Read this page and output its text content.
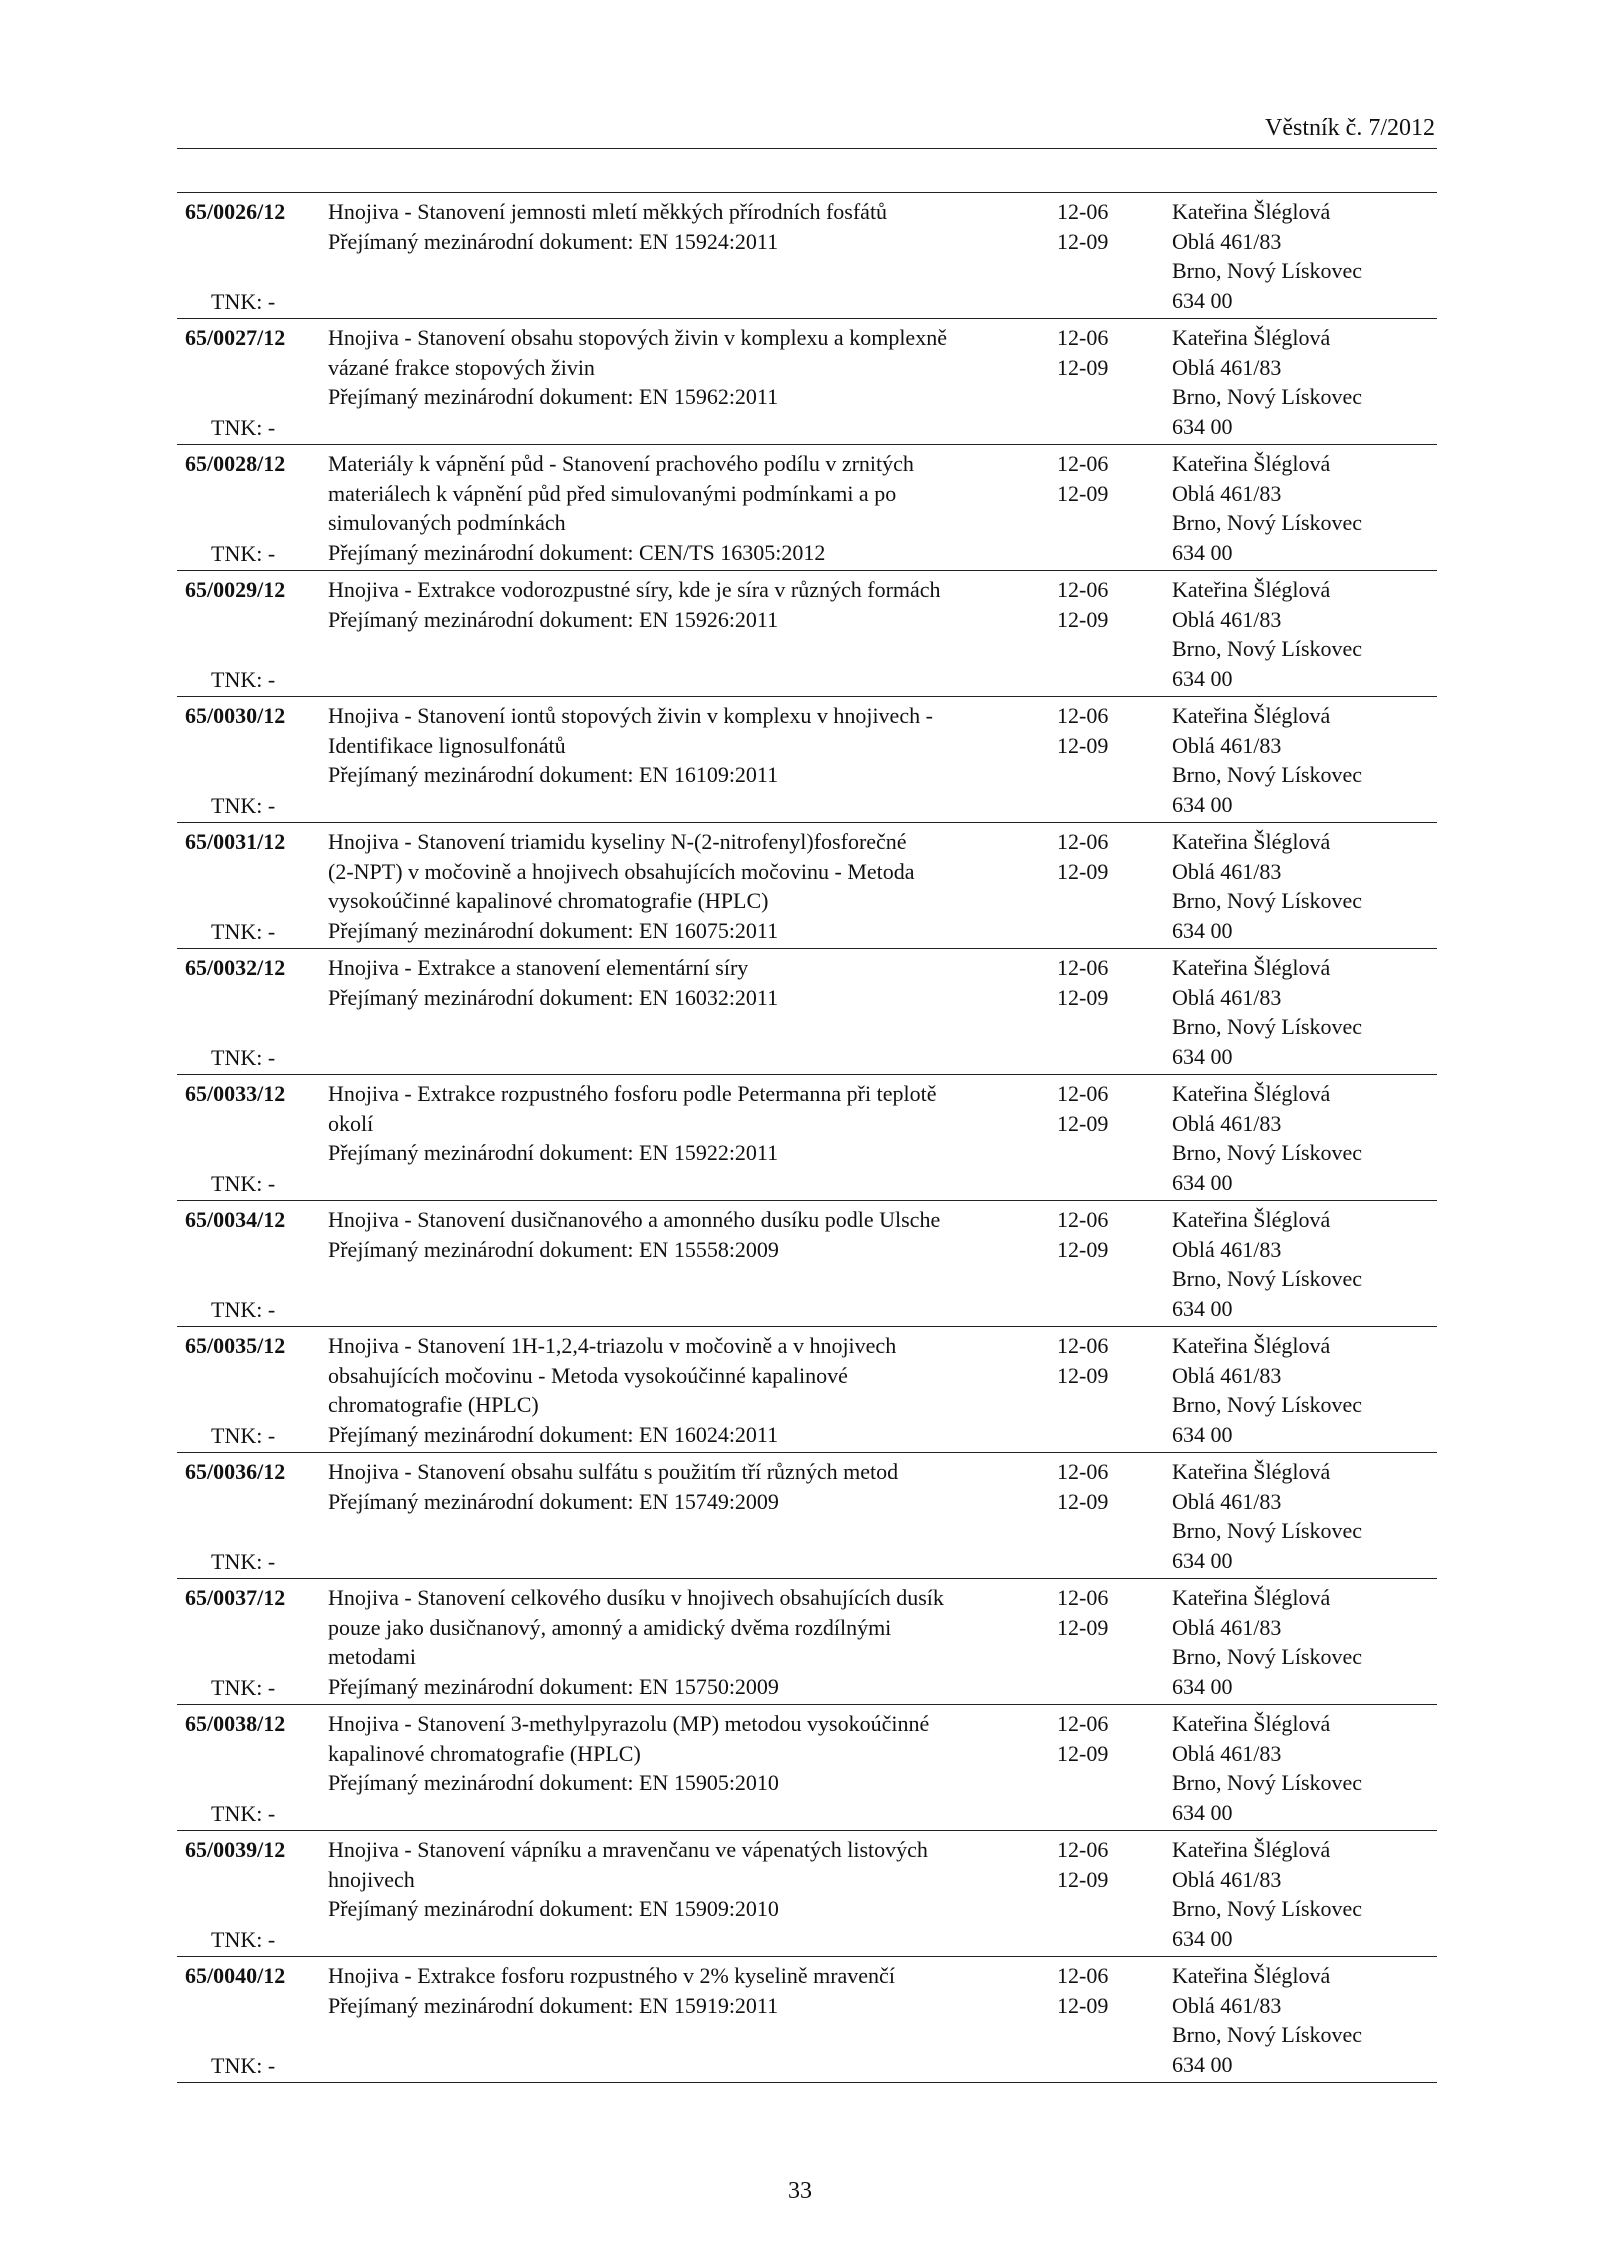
Věstník č. 7/2012
65/0026/12
TNK: -
Hnojiva - Stanovení jemnosti mletí měkkých přírodních fosfátů
Přejímaný mezinárodní dokument: EN 15924:2011
12-06
12-09
Kateřina Šléglová
Oblá 461/83
Brno, Nový Lískovec
634 00
65/0027/12
TNK: -
Hnojiva - Stanovení obsahu stopových živin v komplexu a komplexně
vázané frakce stopových živin
Přejímaný mezinárodní dokument: EN 15962:2011
12-06
12-09
Kateřina Šléglová
Oblá 461/83
Brno, Nový Lískovec
634 00
65/0028/12
TNK: -
Materiály k vápnění půd - Stanovení prachového podílu v zrnitých
materiálech k vápnění půd před simulovanými podmínkami a po
simulovaných podmínkách
Přejímaný mezinárodní dokument: CEN/TS 16305:2012
12-06
12-09
Kateřina Šléglová
Oblá 461/83
Brno, Nový Lískovec
634 00
65/0029/12
TNK: -
Hnojiva - Extrakce vodorozpustné síry, kde je síra v různých formách
Přejímaný mezinárodní dokument: EN 15926:2011
12-06
12-09
Kateřina Šléglová
Oblá 461/83
Brno, Nový Lískovec
634 00
65/0030/12
TNK: -
Hnojiva - Stanovení iontů stopových živin v komplexu v hnojivech -
Identifikace lignosulfonátů
Přejímaný mezinárodní dokument: EN 16109:2011
12-06
12-09
Kateřina Šléglová
Oblá 461/83
Brno, Nový Lískovec
634 00
65/0031/12
TNK: -
Hnojiva - Stanovení triamidu kyseliny N-(2-nitrofenyl)fosforečné
(2-NPT) v močovině a hnojivech obsahujících močovinu - Metoda
vysokoúčinné kapalinové chromatografie (HPLC)
Přejímaný mezinárodní dokument: EN 16075:2011
12-06
12-09
Kateřina Šléglová
Oblá 461/83
Brno, Nový Lískovec
634 00
65/0032/12
TNK: -
Hnojiva - Extrakce a stanovení elementární síry
Přejímaný mezinárodní dokument: EN 16032:2011
12-06
12-09
Kateřina Šléglová
Oblá 461/83
Brno, Nový Lískovec
634 00
65/0033/12
TNK: -
Hnojiva - Extrakce rozpustného fosforu podle Petermanna při teplotě
okolí
Přejímaný mezinárodní dokument: EN 15922:2011
12-06
12-09
Kateřina Šléglová
Oblá 461/83
Brno, Nový Lískovec
634 00
65/0034/12
TNK: -
Hnojiva - Stanovení dusičnanového a amonného dusíku podle Ulsche
Přejímaný mezinárodní dokument: EN 15558:2009
12-06
12-09
Kateřina Šléglová
Oblá 461/83
Brno, Nový Lískovec
634 00
65/0035/12
TNK: -
Hnojiva - Stanovení 1H-1,2,4-triazolu v močovině a v hnojivech
obsahujících močovinu - Metoda vysokoúčinné kapalinové
chromatografie (HPLC)
Přejímaný mezinárodní dokument: EN 16024:2011
12-06
12-09
Kateřina Šléglová
Oblá 461/83
Brno, Nový Lískovec
634 00
65/0036/12
TNK: -
Hnojiva - Stanovení obsahu sulfátu s použitím tří různých metod
Přejímaný mezinárodní dokument: EN 15749:2009
12-06
12-09
Kateřina Šléglová
Oblá 461/83
Brno, Nový Lískovec
634 00
65/0037/12
TNK: -
Hnojiva - Stanovení celkového dusíku v hnojivech obsahujících dusík
pouze jako dusičnanový, amonný a amidický dvěma rozdílnými
metodami
Přejímaný mezinárodní dokument: EN 15750:2009
12-06
12-09
Kateřina Šléglová
Oblá 461/83
Brno, Nový Lískovec
634 00
65/0038/12
TNK: -
Hnojiva - Stanovení 3-methylpyrazolu (MP) metodou vysokoúčinné
kapalinové chromatografie (HPLC)
Přejímaný mezinárodní dokument: EN 15905:2010
12-06
12-09
Kateřina Šléglová
Oblá 461/83
Brno, Nový Lískovec
634 00
65/0039/12
TNK: -
Hnojiva - Stanovení vápníku a mravenčanu ve vápenatých listových
hnojivech
Přejímaný mezinárodní dokument: EN 15909:2010
12-06
12-09
Kateřina Šléglová
Oblá 461/83
Brno, Nový Lískovec
634 00
65/0040/12
TNK: -
Hnojiva - Extrakce fosforu rozpustného v 2% kyselině mravenčí
Přejímaný mezinárodní dokument: EN 15919:2011
12-06
12-09
Kateřina Šléglová
Oblá 461/83
Brno, Nový Lískovec
634 00
33
